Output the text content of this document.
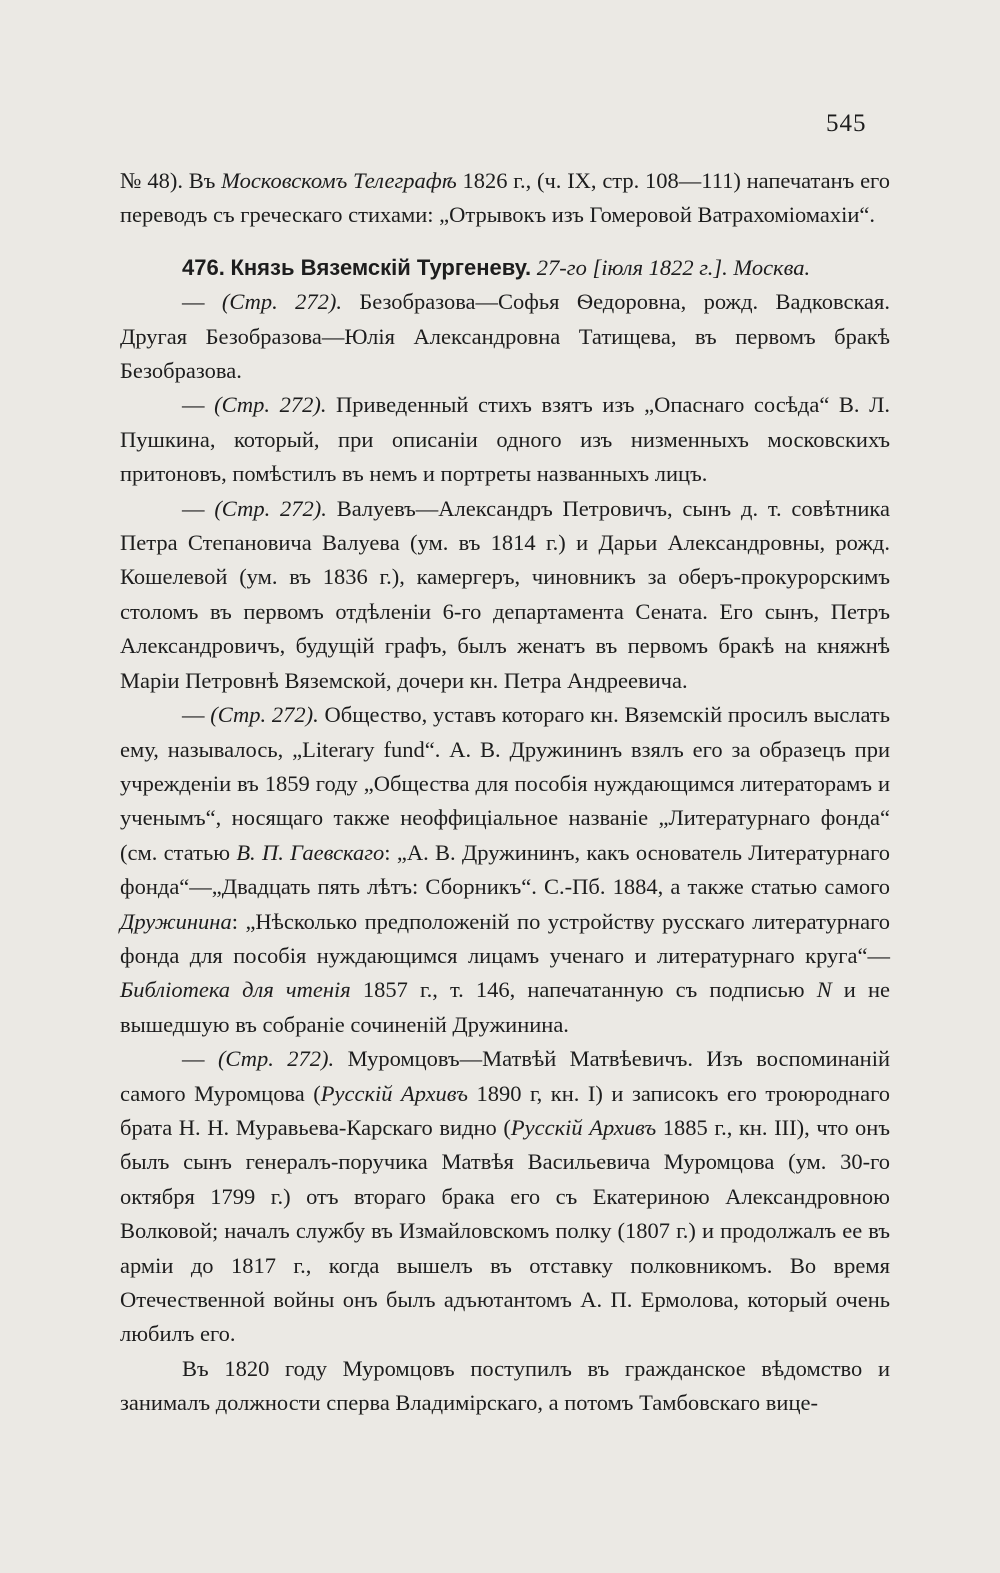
545

№ 48). Въ Московскомъ Телеграфѣ 1826 г., (ч. IX, стр. 108—111) напечатанъ его переводъ съ греческаго стихами: „Отрывокъ изъ Гомеровой Ватрахоміомахіи“.

476. Князь Вяземскій Тургеневу. 27-го [іюля 1822 г.]. Москва.

— (Стр. 272). Безобразова—Софья Ѳедоровна, рожд. Вадковская. Другая Безобразова—Юлія Александровна Татищева, въ первомъ бракѣ Безобразова.

— (Стр. 272). Приведенный стихъ взятъ изъ „Опаснаго сосѣда“ В. Л. Пушкина, который, при описаніи одного изъ низменныхъ московскихъ притоновъ, помѣстилъ въ немъ и портреты названныхъ лицъ.

— (Стр. 272). Валуевъ—Александръ Петровичъ, сынъ д. т. совѣтника Петра Степановича Валуева (ум. въ 1814 г.) и Дарьи Александровны, рожд. Кошелевой (ум. въ 1836 г.), камергеръ, чиновникъ за оберъ-прокурорскимъ столомъ въ первомъ отдѣленіи 6-го департамента Сената. Его сынъ, Петръ Александровичъ, будущій графъ, былъ женатъ въ первомъ бракѣ на княжнѣ Маріи Петровнѣ Вяземской, дочери кн. Петра Андреевича.

— (Стр. 272). Общество, уставъ котораго кн. Вяземскій просилъ выслать ему, называлось, „Literary fund“. А. В. Дружининъ взялъ его за образецъ при учрежденіи въ 1859 году „Общества для пособія нуждающимся литераторамъ и ученымъ“, носящаго также неоффиціальное названіе „Литературнаго фонда“ (см. статью В. П. Гаевскаго: „А. В. Дружининъ, какъ основатель Литературнаго фонда“—„Двадцать пять лѣтъ: Сборникъ“. С.-Пб. 1884, а также статью самого Дружинина: „Нѣсколько предположеній по устройству русскаго литературнаго фонда для пособія нуждающимся лицамъ ученаго и литературнаго круга“— Библіотека для чтенія 1857 г., т. 146, напечатанную съ подписью N и не вышедшую въ собраніе сочиненій Дружинина.

— (Стр. 272). Муромцовъ—Матвѣй Матвѣевичъ. Изъ воспоминаній самого Муромцова (Русскій Архивъ 1890 г, кн. I) и записокъ его троюроднаго брата Н. Н. Муравьева-Карскаго видно (Русскій Архивъ 1885 г., кн. III), что онъ былъ сынъ генералъ-поручика Матвѣя Васильевича Муромцова (ум. 30-го октября 1799 г.) отъ втораго брака его съ Екатериною Александровною Волковой; началъ службу въ Измайловскомъ полку (1807 г.) и продолжалъ ее въ арміи до 1817 г., когда вышелъ въ отставку полковникомъ. Во время Отечественной войны онъ былъ адъютантомъ А. П. Ермолова, который очень любилъ его.

Въ 1820 году Муромцовъ поступилъ въ гражданское вѣдомство и занималъ должности сперва Владимірскаго, а потомъ Тамбовскаго вице-
